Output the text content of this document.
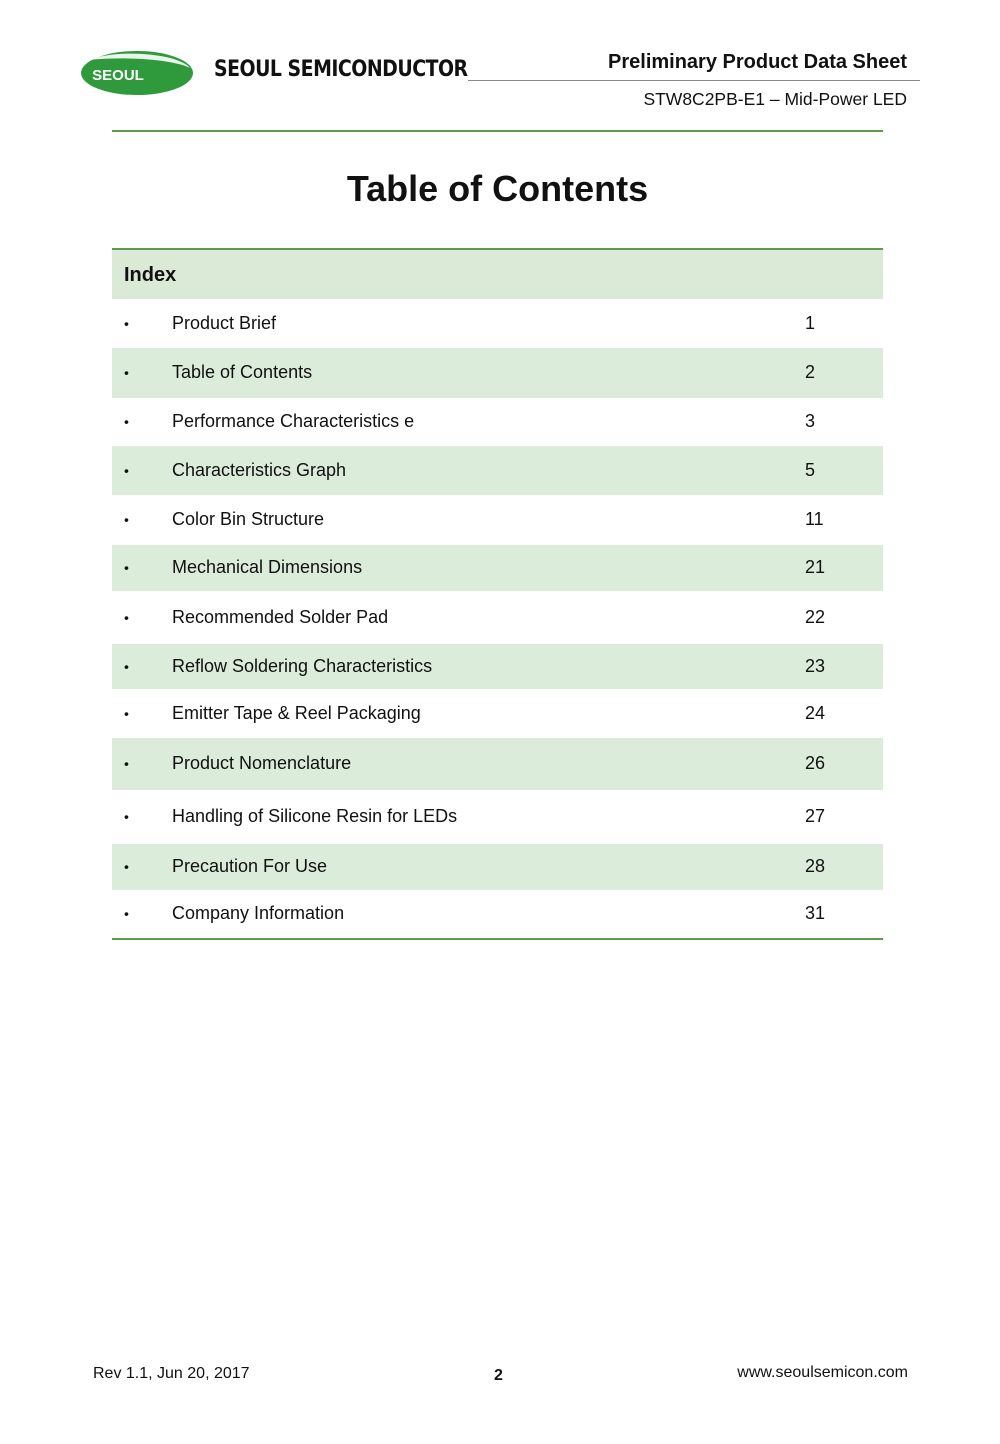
SEOUL	SEOUL SEMICONDUCTOR	Preliminary Product Data Sheet
STW8C2PB-E1 – Mid-Power LED
Table of Contents
Index
• Product Brief	1
• Table of Contents	2
• Performance Characteristics e	3
• Characteristics Graph	5
• Color Bin Structure	11
• Mechanical Dimensions	21
• Recommended Solder Pad	22
• Reflow Soldering Characteristics	23
• Emitter Tape & Reel Packaging	24
• Product Nomenclature	26
• Handling of Silicone Resin for LEDs	27
• Precaution For Use	28
• Company Information	31
Rev 1.1, Jun 20, 2017	2	www.seoulsemicon.com
